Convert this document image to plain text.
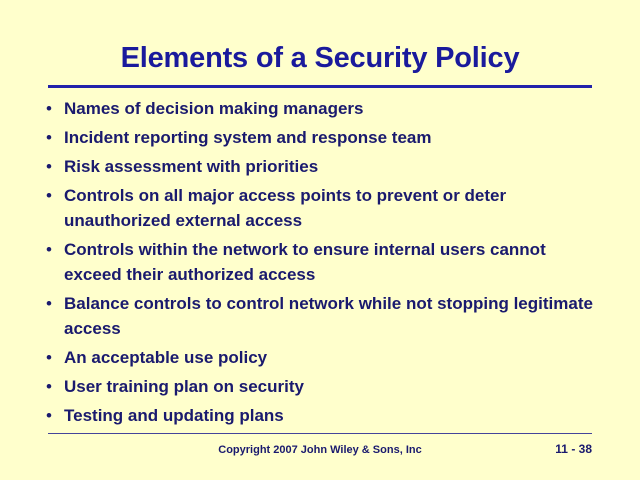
Elements of a Security Policy
• Names of decision making managers
• Incident reporting system and response team
• Risk assessment with priorities
• Controls on all major access points to prevent or deter unauthorized external access
• Controls within the network to ensure internal users cannot exceed their authorized access
• Balance controls to control network while not stopping legitimate access
• An acceptable use policy
• User training plan on security
• Testing and updating plans
Copyright 2007 John Wiley & Sons, Inc	11 - 38
